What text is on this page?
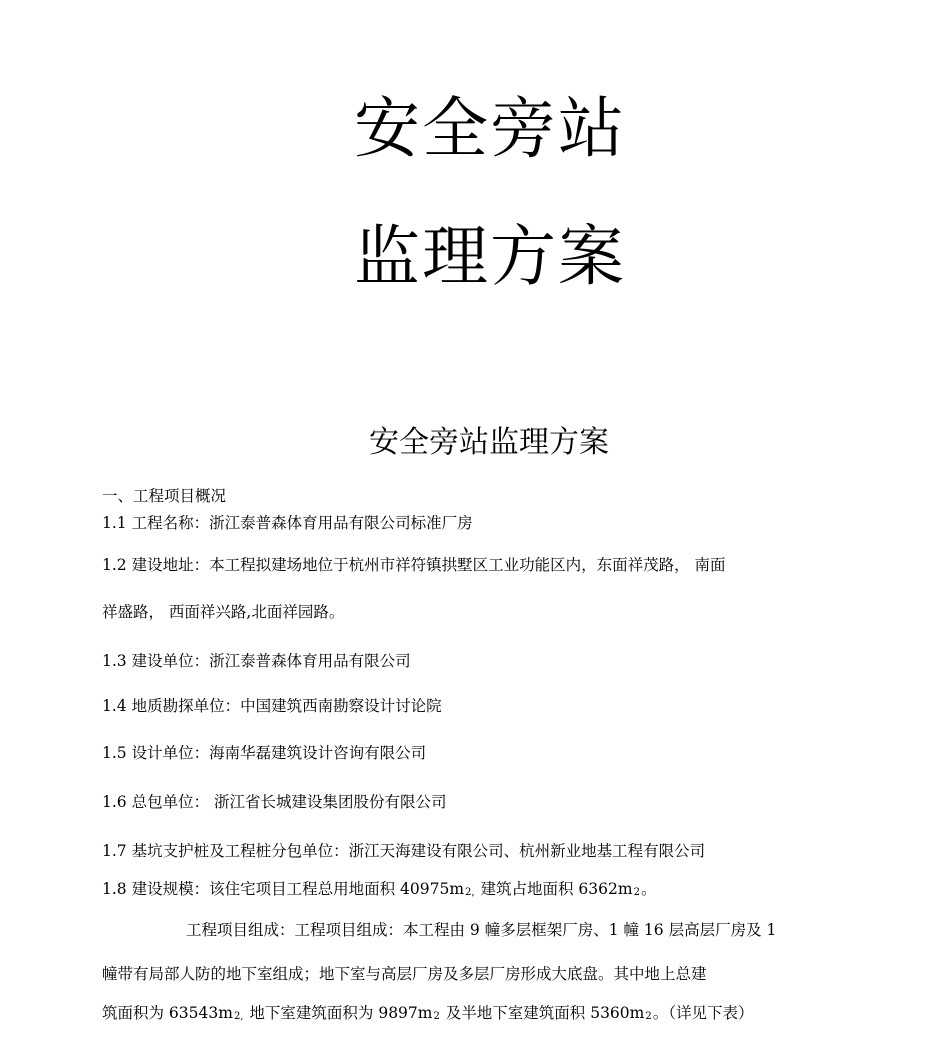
安全旁站
监理方案
安全旁站监理方案
一、工程项目概况
1.1 工程名称：浙江泰普森体育用品有限公司标准厂房
1.2 建设地址：本工程拟建场地位于杭州市祥符镇拱墅区工业功能区内，东面祥茂路， 南面
祥盛路， 西面祥兴路,北面祥园路。
1.3 建设单位：浙江泰普森体育用品有限公司
1.4 地质勘探单位：中国建筑西南勘察设计讨论院
1.5 设计单位：海南华磊建筑设计咨询有限公司
1.6 总包单位： 浙江省长城建设集团股份有限公司
1.7 基坑支护桩及工程桩分包单位：浙江天海建设有限公司、杭州新业地基工程有限公司
1.8 建设规模：该住宅项目工程总用地面积 $40975m_{2,}$ 建筑占地面积 $6362m_2$。
工程项目组成：工程项目组成：本工程由 9 幢多层框架厂房、1 幢 16 层高层厂房及 1
幢带有局部人防的地下室组成；地下室与高层厂房及多层厂房形成大底盘。其中地上总建
筑面积为 $63543m_{2,}$ 地下室建筑面积为 $9897m_2$ 及半地下室建筑面积 $5360m_2$。（详见下表）
